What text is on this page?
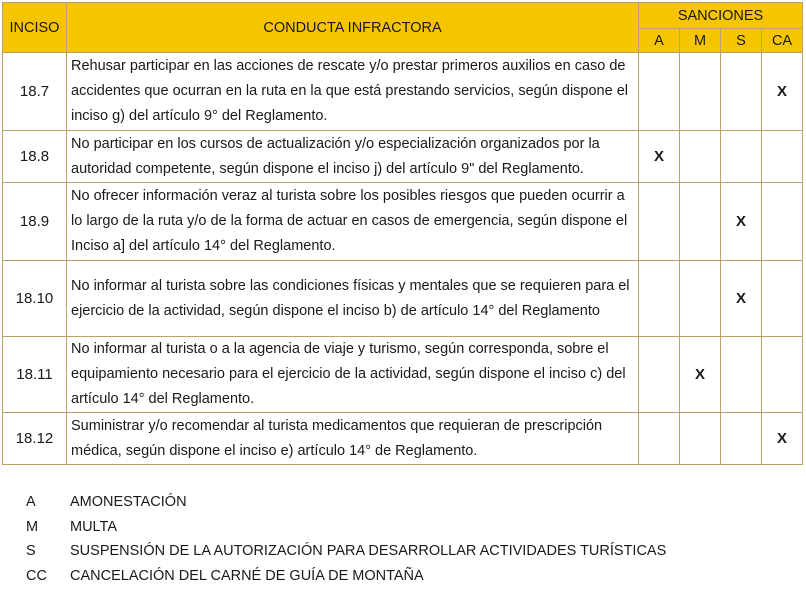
INCISO	CONDUCTA INFRACTORA	SANCIONES			
		A	M	S	CA
18.7	Rehusar participar en las acciones de rescate y/o prestar primeros auxilios en caso de accidentes que ocurran en la ruta en la que está prestando servicios, según dispone el inciso g) del artículo 9° del Reglamento.				X
18.8	No participar en los cursos de actualización y/o especialización organizados por la autoridad competente, según dispone el inciso j) del artículo 9" del Reglamento.	X			
18.9	No ofrecer información veraz al turista sobre los posibles riesgos que pueden ocurrir a lo largo de la ruta y/o de la forma de actuar en casos de emergencia, según dispone el Inciso a] del artículo 14° del Reglamento.			X	
18.10	No informar al turista sobre las condiciones físicas y mentales que se requieren para el ejercicio de la actividad, según dispone el inciso b) de artículo 14° del Reglamento			X	
18.11	No informar al turista o a la agencia de viaje y turismo, según corresponda, sobre el equipamiento necesario para el ejercicio de la actividad, según dispone el inciso c) del artículo 14° del Reglamento.		X		
18.12	Suministrar y/o recomendar al turista medicamentos que requieran de prescripción médica, según dispone el inciso e) artículo 14° de Reglamento.				X
A	AMONESTACIÓN
M	MULTA
S	SUSPENSIÓN DE LA AUTORIZACIÓN PARA DESARROLLAR ACTIVIDADES TURÍSTICAS
CC	CANCELACIÓN DEL CARNÉ DE GUÍA DE MONTAÑA
